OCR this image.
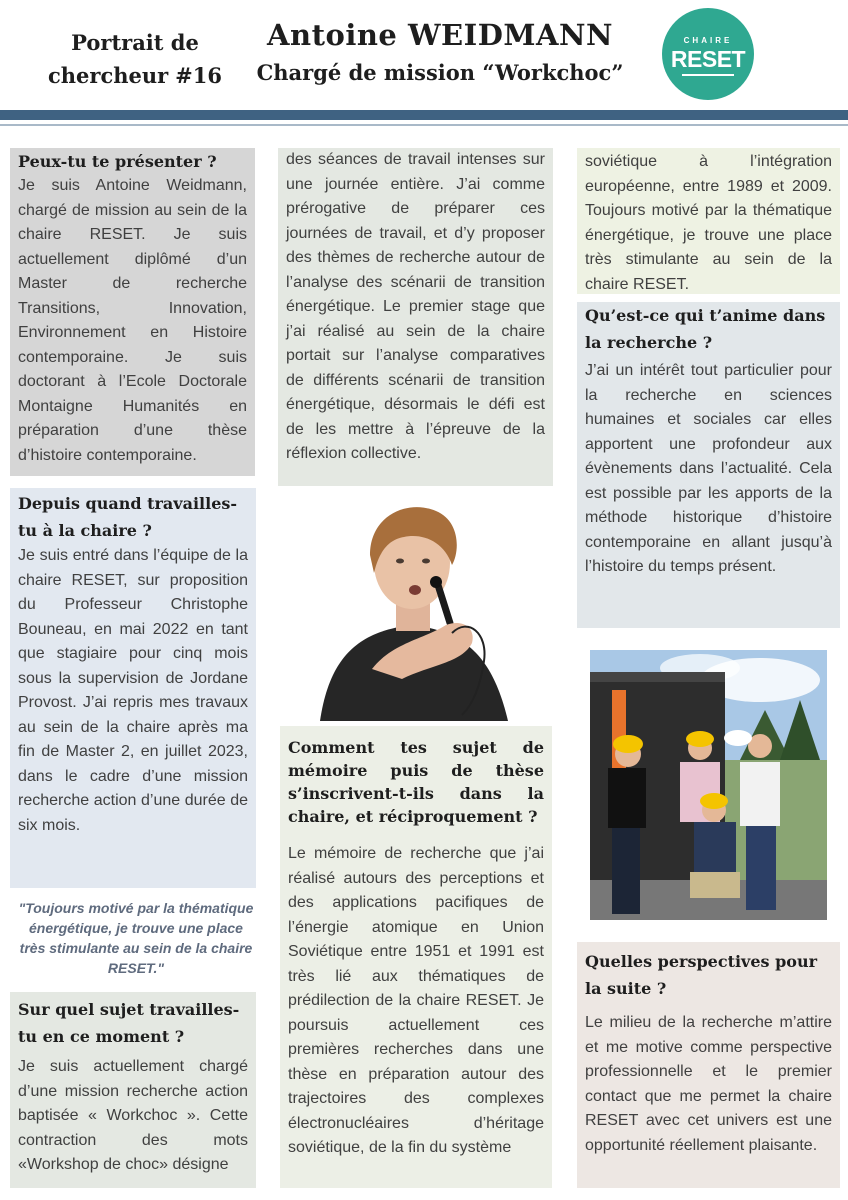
Portrait de
chercheur #16
Antoine WEIDMANN
Chargé de mission “Workchoc”
CHAIRE
RESET
Peux-tu te présenter ?
Je suis Antoine Weidmann, chargé de mission au sein de la chaire RESET. Je suis actuellement diplômé d’un Master de recherche Transitions, Innovation, Environnement en Histoire contemporaine. Je suis doctorant à l’Ecole Doctorale Montaigne Humanités en préparation d’une thèse d’histoire contemporaine.
Depuis quand travailles-tu à la chaire ?
Je suis entré dans l’équipe de la chaire RESET, sur proposition du Professeur Christophe Bouneau, en mai 2022 en tant que stagiaire pour cinq mois sous la supervision de Jordane Provost. J’ai repris mes travaux au sein de la chaire après ma fin de Master 2, en juillet 2023, dans le cadre d’une mission recherche action d’une durée de six mois.
"Toujours motivé par la thématique énergétique, je trouve une place très stimulante au sein de la chaire RESET."
Sur quel sujet travailles-tu en ce moment ?
Je suis actuellement chargé d’une mission recherche action baptisée « Workchoc ». Cette contraction des mots «Workshop de choc» désigne
des séances de travail intenses sur une journée entière. J’ai comme prérogative de préparer ces journées de travail, et d’y proposer des thèmes de recherche autour de l’analyse des scénarii de transition énergétique. Le premier stage que j’ai réalisé au sein de la chaire portait sur l’analyse comparatives de différents scénarii de transition énergétique, désormais le défi est de les mettre à l’épreuve de la réflexion collective.
Comment tes sujet de mémoire puis de thèse s’inscrivent-t-ils dans la chaire, et réciproquement ?
Le mémoire de recherche que j’ai réalisé autours des perceptions et des applications pacifiques de l’énergie atomique en Union Soviétique entre 1951 et 1991 est très lié aux thématiques de prédilection de la chaire RESET. Je poursuis actuellement ces premières recherches dans une thèse en préparation autour des trajectoires des complexes électronucléaires d’héritage soviétique, de la fin du système
soviétique à l’intégration européenne, entre 1989 et 2009. Toujours motivé par la thématique énergétique, je trouve une place très stimulante au sein de la chaire RESET.
Qu’est-ce qui t’anime dans la recherche ?
J’ai un intérêt tout particulier pour la recherche en sciences humaines et sociales car elles apportent une profondeur aux évènements dans l’actualité. Cela est possible par les apports de la méthode historique d’histoire contemporaine en allant jusqu’à l’histoire du temps présent.
Quelles perspectives pour la suite ?
Le milieu de la recherche m’attire et me motive comme perspective professionnelle et le premier contact que me permet la chaire RESET avec cet univers est une opportunité réellement plaisante.
